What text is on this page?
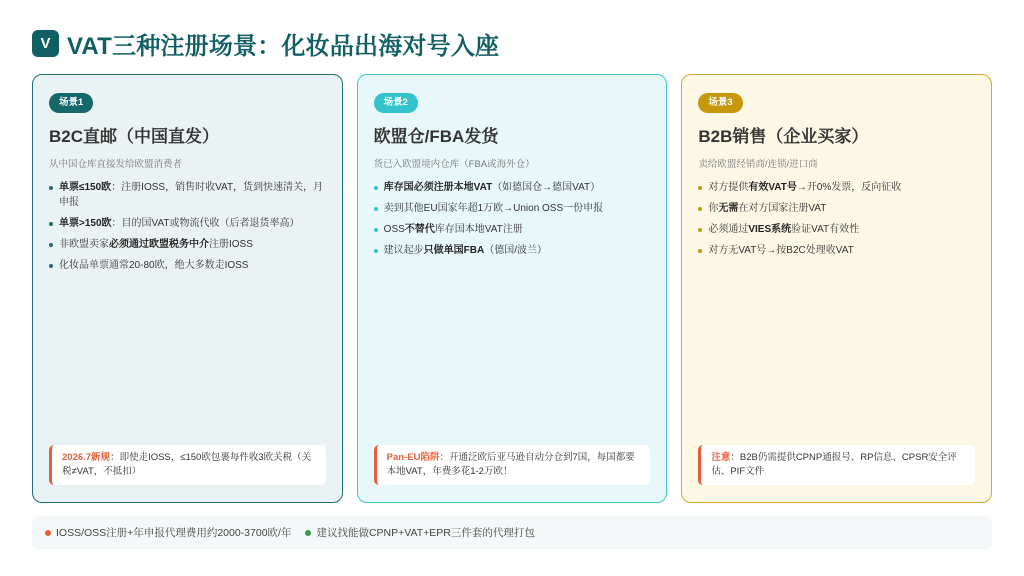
V VAT三种注册场景：化妆品出海对号入座
场景1
B2C直邮（中国直发）
从中国仓库直接发给欧盟消费者
单票≤150欧：注册IOSS，销售时收VAT，货到快速清关，月申报
单票>150欧：目的国VAT或物流代收（后者退货率高）
非欧盟卖家必须通过欧盟税务中介注册IOSS
化妆品单票通常20-80欧，绝大多数走IOSS
2026.7新规：即使走IOSS，≤150欧包裹每件收3欧关税（关税≠VAT，不抵扣）
场景2
欧盟仓/FBA发货
货已入欧盟境内仓库（FBA或海外仓）
库存国必须注册本地VAT（如德国仓→德国VAT）
卖到其他EU国家年超1万欧→Union OSS一份申报
OSS不替代库存国本地VAT注册
建议起步只做单国FBA（德国/波兰）
Pan-EU陷阱：开通泛欧后亚马逊自动分仓到7国，每国都要本地VAT，年费多花1-2万欧！
场景3
B2B销售（企业买家）
卖给欧盟经销商/连锁/进口商
对方提供有效VAT号→开0%发票，反向征收
你无需在对方国家注册VAT
必须通过VIES系统验证VAT有效性
对方无VAT号→按B2C处理收VAT
注意：B2B仍需提供CPNP通报号、RP信息、CPSR安全评估、PIF文件
IOSS/OSS注册+年申报代理费用约2000-3700欧/年 建议找能做CPNP+VAT+EPR三件套的代理打包
